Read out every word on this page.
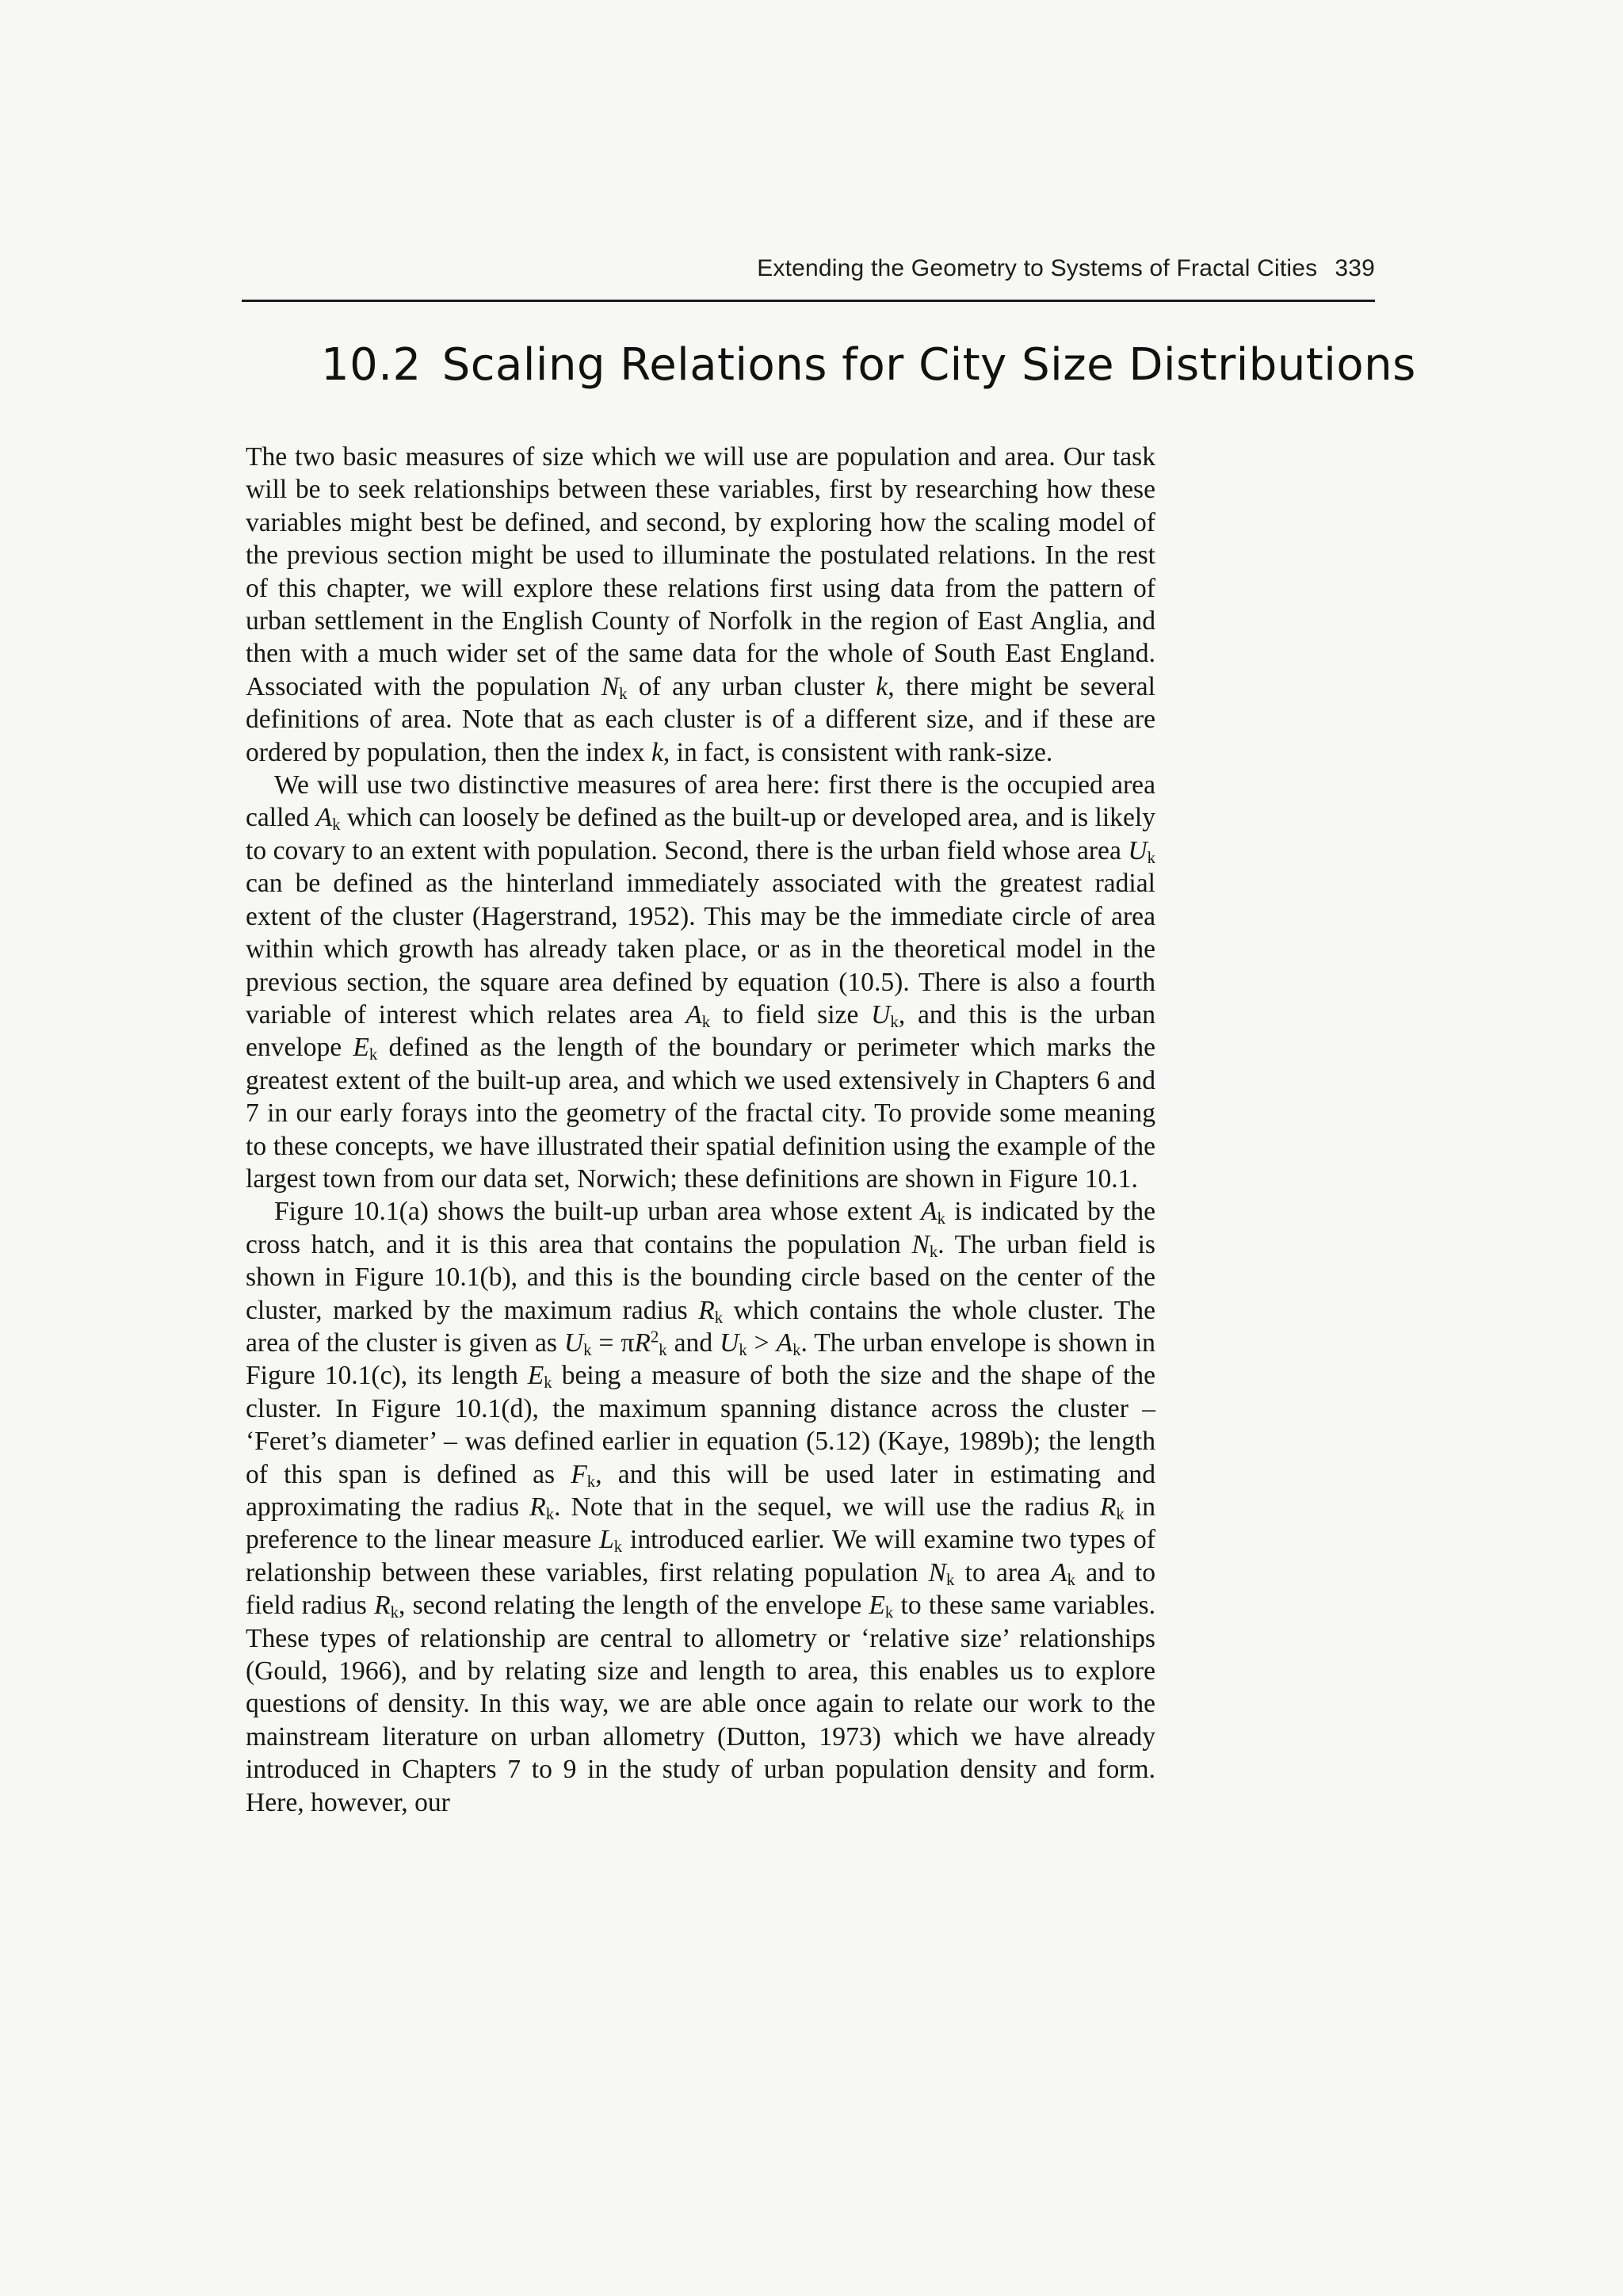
Extending the Geometry to Systems of Fractal Cities 339
10.2 Scaling Relations for City Size Distributions

The two basic measures of size which we will use are population and area. Our task will be to seek relationships between these variables, first by researching how these variables might best be defined, and second, by exploring how the scaling model of the previous section might be used to illuminate the postulated relations. In the rest of this chapter, we will explore these relations first using data from the pattern of urban settlement in the English County of Norfolk in the region of East Anglia, and then with a much wider set of the same data for the whole of South East England. Associated with the population $N_k$ of any urban cluster k, there might be several definitions of area. Note that as each cluster is of a different size, and if these are ordered by population, then the index k, in fact, is consistent with rank-size.

We will use two distinctive measures of area here: first there is the occupied area called $A_k$ which can loosely be defined as the built-up or developed area, and is likely to covary to an extent with population. Second, there is the urban field whose area $U_k$ can be defined as the hinterland immediately associated with the greatest radial extent of the cluster (Hagerstrand, 1952). This may be the immediate circle of area within which growth has already taken place, or as in the theoretical model in the previous section, the square area defined by equation (10.5). There is also a fourth variable of interest which relates area $A_k$ to field size $U_k$, and this is the urban envelope $E_k$ defined as the length of the boundary or perimeter which marks the greatest extent of the built-up area, and which we used extensively in Chapters 6 and 7 in our early forays into the geometry of the fractal city. To provide some meaning to these concepts, we have illustrated their spatial definition using the example of the largest town from our data set, Norwich; these definitions are shown in Figure 10.1.

Figure 10.1(a) shows the built-up urban area whose extent $A_k$ is indicated by the cross hatch, and it is this area that contains the population $N_k$. The urban field is shown in Figure 10.1(b), and this is the bounding circle based on the center of the cluster, marked by the maximum radius $R_k$ which contains the whole cluster. The area of the cluster is given as $U_k = \pi R^2_k$ and $U_k > A_k$. The urban envelope is shown in Figure 10.1(c), its length $E_k$ being a measure of both the size and the shape of the cluster. In Figure 10.1(d), the maximum spanning distance across the cluster – ‘Feret’s diameter’ – was defined earlier in equation (5.12) (Kaye, 1989b); the length of this span is defined as $F_k$, and this will be used later in estimating and approximating the radius $R_k$. Note that in the sequel, we will use the radius $R_k$ in preference to the linear measure $L_k$ introduced earlier. We will examine two types of relationship between these variables, first relating population $N_k$ to area $A_k$ and to field radius $R_k$, second relating the length of the envelope $E_k$ to these same variables. These types of relationship are central to allometry or ‘relative size’ relationships (Gould, 1966), and by relating size and length to area, this enables us to explore questions of density. In this way, we are able once again to relate our work to the mainstream literature on urban allometry (Dutton, 1973) which we have already introduced in Chapters 7 to 9 in the study of urban population density and form. Here, however, our
